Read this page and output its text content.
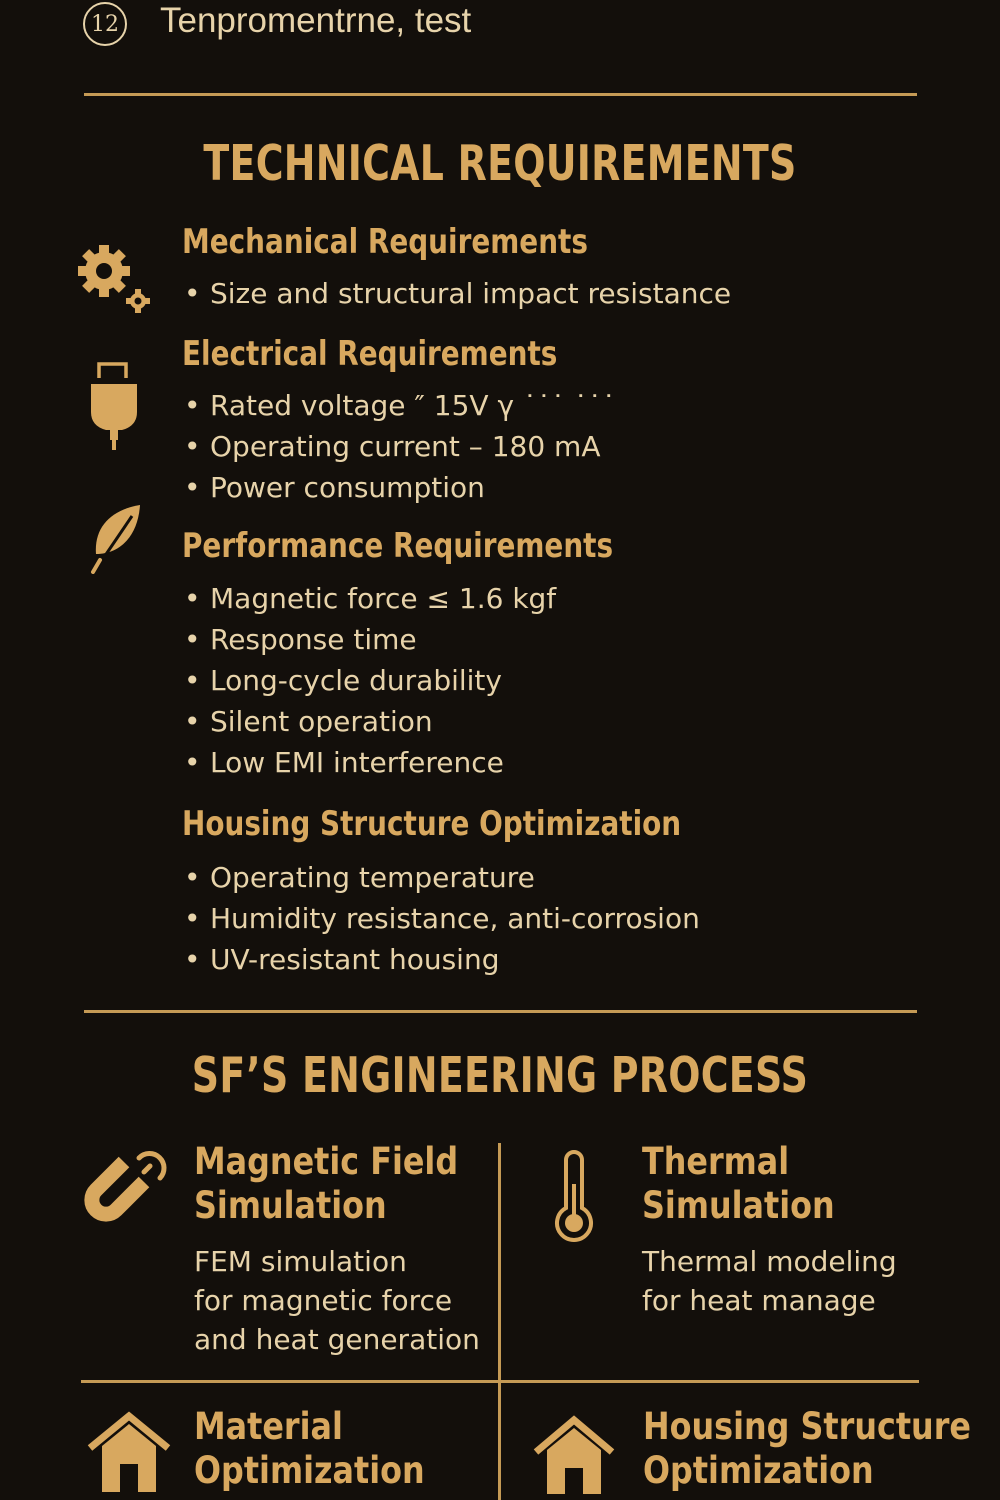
12 Tenpromentrne, test
TECHNICAL REQUIREMENTS
Mechanical Requirements
• Size and structural impact resistance
Electrical Requirements
• Rated voltage ″ 15V γ ˙˙˙ ˙˙˙
• Operating current – 180 mA
• Power consumption
Performance Requirements
• Magnetic force ≤ 1.6 kgf
• Response time
• Long-cycle durability
• Silent operation
• Low EMI interference
Housing Structure Optimization
• Operating temperature
• Humidity resistance, anti-corrosion
• UV-resistant housing
SF’S ENGINEERING PROCESS
Magnetic Field
Simulation
FEM simulation
for magnetic force
and heat generation
Thermal
Simulation
Thermal modeling
for heat manage
Material
Optimization
Housing Structure
Optimization
